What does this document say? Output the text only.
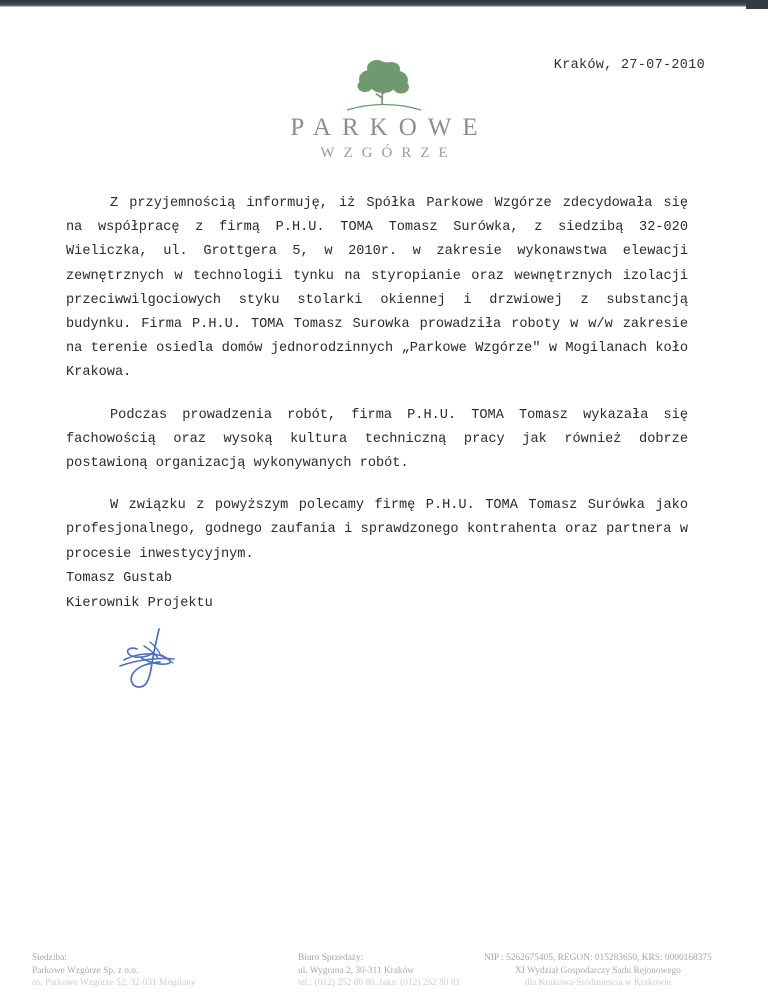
Kraków, 27-07-2010
PARKOWE
WZGÓRZE

Z przyjemnością informuję, iż Spółka Parkowe Wzgórze zdecydowała się na współpracę z firmą P.H.U. TOMA Tomasz Surówka, z siedzibą 32-020 Wieliczka, ul. Grottgera 5, w 2010r. w zakresie wykonawstwa elewacji zewnętrznych w technologii tynku na styropianie oraz wewnętrznych izolacji przeciwwilgociowych styku stolarki okiennej i drzwiowej z substancją budynku. Firma P.H.U. TOMA Tomasz Surowka prowadziła roboty w w/w zakresie na terenie osiedla domów jednorodzinnych „Parkowe Wzgórze" w Mogilanach koło Krakowa.

Podczas prowadzenia robót, firma P.H.U. TOMA Tomasz wykazała się fachowością oraz wysoką kultura techniczną pracy jak również dobrze postawioną organizacją wykonywanych robót.

W związku z powyższym polecamy firmę P.H.U. TOMA Tomasz Surówka jako profesjonalnego, godnego zaufania i sprawdzonego kontrahenta oraz partnera w procesie inwestycyjnym.

Tomasz Gustab
Kierownik Projektu
Siedziba:
Parkowe Wzgórze Sp. z o.o.
os. Parkowe Wzgórze 52, 32-031 Mogilany
Biuro Sprzedaży:
ul. Wygrana 2, 30-311 Kraków
tel.: (012) 252 80 80, faks: (012) 252 80 81
NIP : 5262675405, REGON: 015283650, KRS: 0000168375
XI Wydział Gospodarczy Sadu Rejonowego
dla Krakowa-Śródmieścia w Krakowie
